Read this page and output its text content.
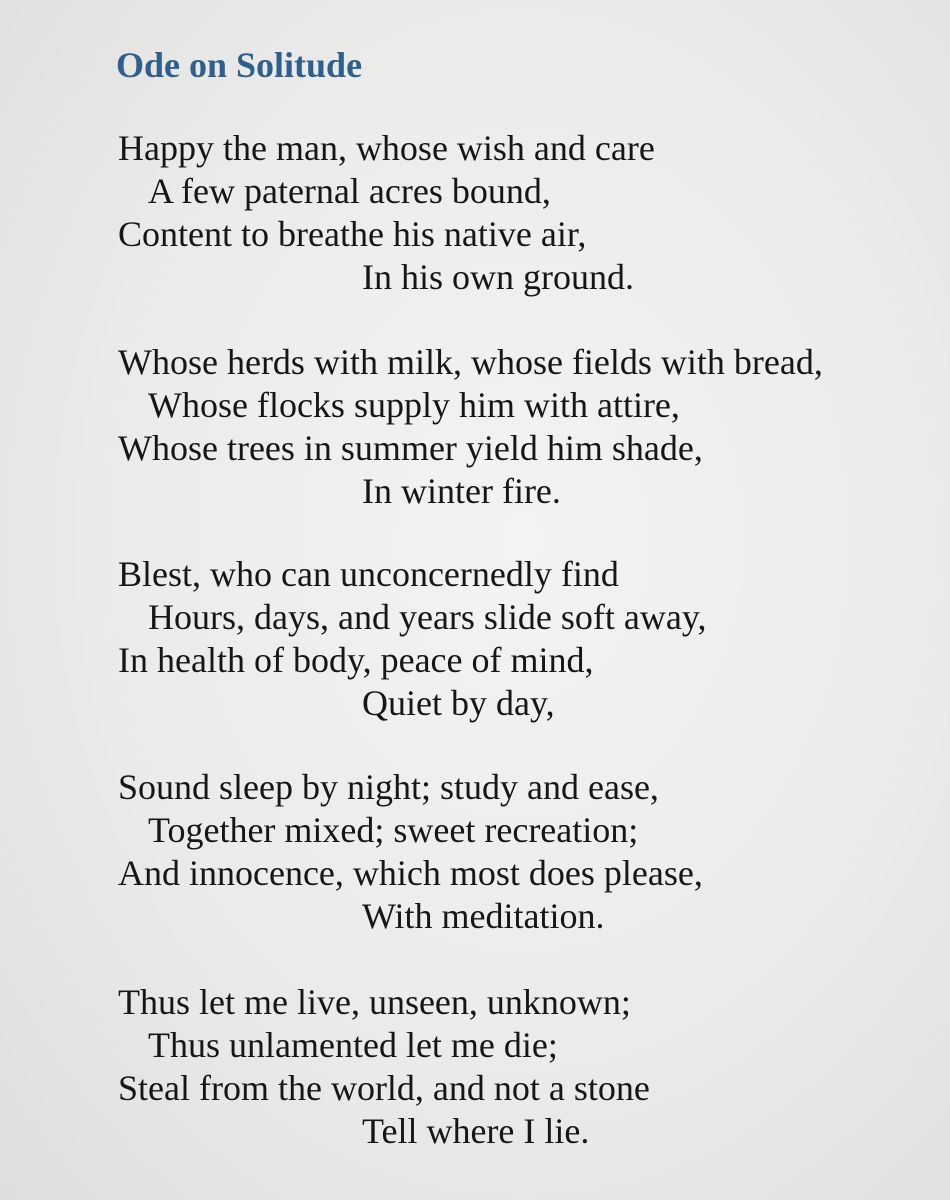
Ode on Solitude
Happy the man, whose wish and care
A few paternal acres bound,
Content to breathe his native air,
In his own ground.
Whose herds with milk, whose fields with bread,
Whose flocks supply him with attire,
Whose trees in summer yield him shade,
In winter fire.
Blest, who can unconcernedly find
Hours, days, and years slide soft away,
In health of body, peace of mind,
Quiet by day,
Sound sleep by night; study and ease,
Together mixed; sweet recreation;
And innocence, which most does please,
With meditation.
Thus let me live, unseen, unknown;
Thus unlamented let me die;
Steal from the world, and not a stone
Tell where I lie.
